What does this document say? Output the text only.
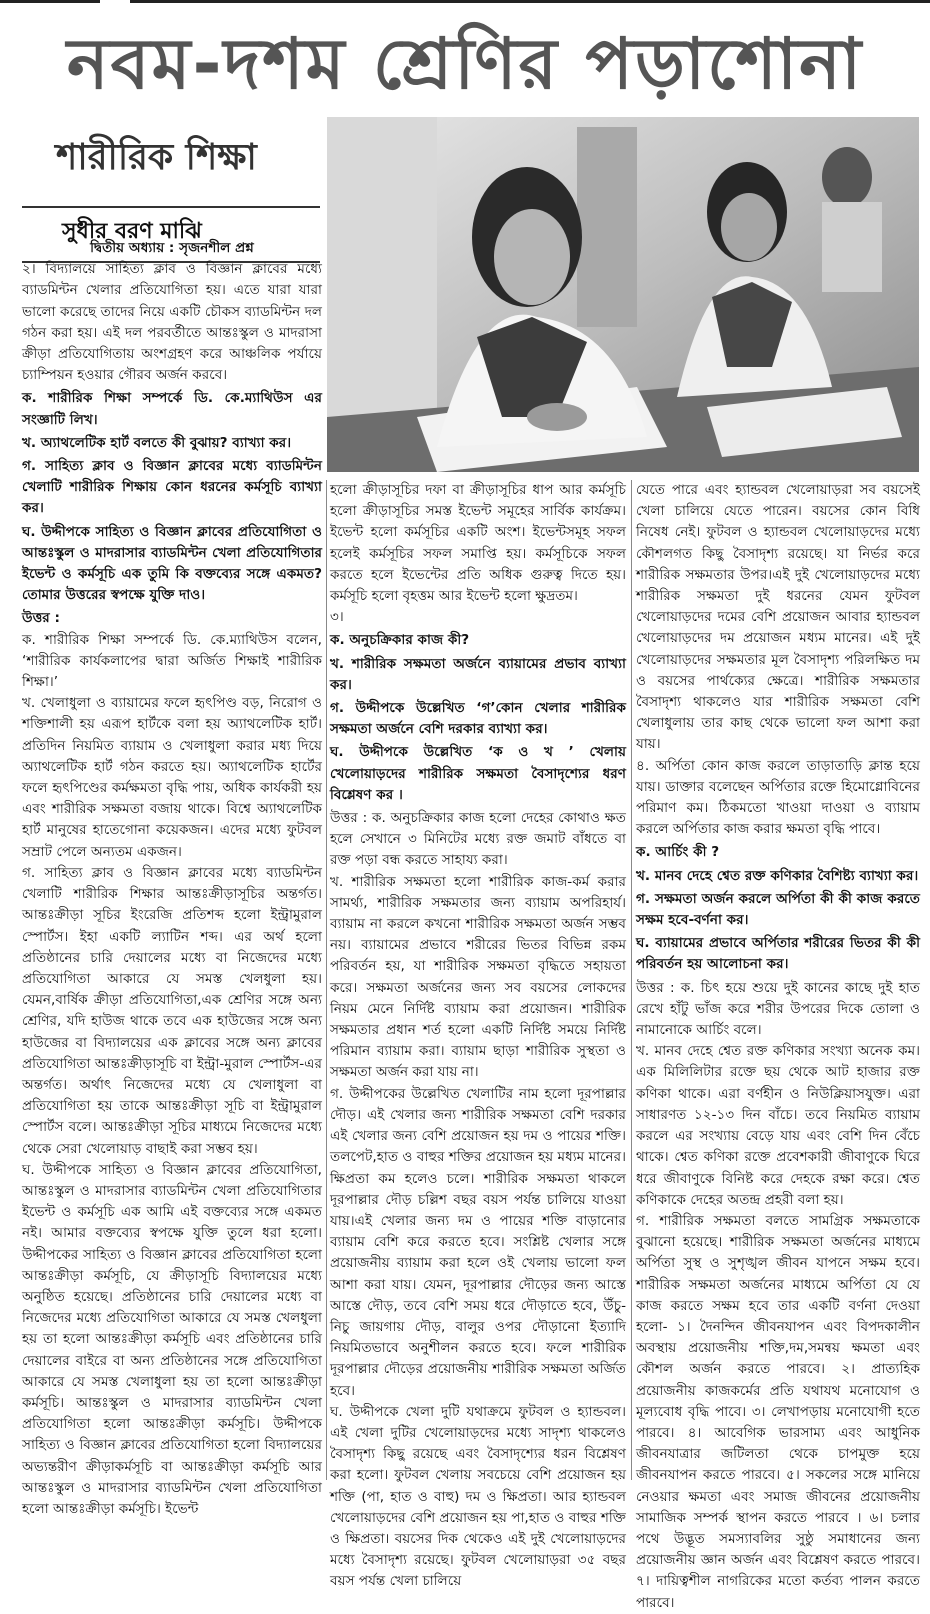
নবম-দশম শ্রেণির পড়াশোনা
শারীরিক শিক্ষা
সুধীর বরণ মাঝি

দ্বিতীয় অধ্যায় : সৃজনশীল প্রশ্ন

২। বিদ্যালয়ে সাহিত্য ক্লাব ও বিজ্ঞান ক্লাবের মধ্যে ব্যাডমিন্টন খেলার প্রতিযোগিতা হয়। এতে যারা যারা ভালো করেছে তাদের নিয়ে একটি চৌকস ব্যাডমিন্টন দল গঠন করা হয়। এই দল পরবর্তীতে আন্তঃস্কুল ও মাদরাসা ক্রীড়া প্রতিযোগিতায় অংশগ্রহণ করে আঞ্চলিক পর্যায়ে চ্যাম্পিয়ন হওয়ার গৌরব অর্জন করবে।

ক. শারীরিক শিক্ষা সম্পর্কে ডি. কে.ম্যাথিউস এর সংজ্ঞাটি লিখ।

খ. অ্যাথলেটিক হার্ট বলতে কী বুঝায়? ব্যাখ্যা কর।

গ. সাহিত্য ক্লাব ও বিজ্ঞান ক্লাবের মধ্যে ব্যাডমিন্টন খেলাটি শারীরিক শিক্ষায় কোন ধরনের কর্মসূচি ব্যাখ্যা কর।

ঘ. উদ্দীপকে সাহিত্য ও বিজ্ঞান ক্লাবের প্রতিযোগিতা ও আন্তঃস্কুল ও মাদরাসার ব্যাডমিন্টন খেলা প্রতিযোগিতার ইভেন্ট ও কর্মসূচি এক তুমি কি বক্তব্যের সঙ্গে একমত? তোমার উত্তরের স্বপক্ষে যুক্তি দাও।

উত্তর :

ক. শারীরিক শিক্ষা সম্পর্কে ডি. কে.ম্যাথিউস বলেন, ‘শারীরিক কার্যকলাপের দ্বারা অর্জিত শিক্ষাই শারীরিক শিক্ষা।’

খ. খেলাধুলা ও ব্যায়ামের ফলে হৃৎপিণ্ড বড়, নিরোগ ও শক্তিশালী হয় এরূপ হার্টকে বলা হয় অ্যাথলেটিক হার্ট। প্রতিদিন নিয়মিত ব্যায়াম ও খেলাধুলা করার মধ্য দিয়ে অ্যাথলেটিক হার্ট গঠন করতে হয়। অ্যাথলেটিক হার্টের ফলে হৃৎপিণ্ডের কর্মক্ষমতা বৃদ্ধি পায়, অধিক কার্যকরী হয় এবং শারীরিক সক্ষমতা বজায় থাকে। বিশ্বে অ্যাথলেটিক হার্ট মানুষের হাতেগোনা কয়েকজন। এদের মধ্যে ফুটবল সম্রাট পেলে অন্যতম একজন।

গ. সাহিত্য ক্লাব ও বিজ্ঞান ক্লাবের মধ্যে ব্যাডমিন্টন খেলাটি শারীরিক শিক্ষার আন্তঃক্রীড়াসূচির অন্তর্গত। আন্তঃক্রীড়া সূচির ইংরেজি প্রতিশব্দ হলো ইন্ট্রামুরাল স্পোর্টস। ইহা একটি ল্যাটিন শব্দ। এর অর্থ হলো প্রতিষ্ঠানের চারি দেয়ালের মধ্যে বা নিজেদের মধ্যে প্রতিযোগিতা আকারে যে সমস্ত খেলধুলা হয়। যেমন,বার্ষিক ক্রীড়া প্রতিযোগিতা,এক শ্রেণির সঙ্গে অন্য শ্রেণির, যদি হাউজ থাকে তবে এক হাউজের সঙ্গে অন্য হাউজের বা বিদ্যালয়ের এক ক্লাবের সঙ্গে অন্য ক্লাবের প্রতিযোগিতা আন্তঃক্রীড়াসূচি বা ইন্ট্রা-মুরাল স্পোর্টস-এর অন্তর্গত। অর্থাৎ নিজেদের মধ্যে যে খেলাধুলা বা প্রতিযোগিতা হয় তাকে আন্তঃক্রীড়া সূচি বা ইন্ট্রামুরাল স্পোর্টস বলে। আন্তঃক্রীড়া সূচির মাধ্যমে নিজেদের মধ্যে থেকে সেরা খেলোয়াড় বাছাই করা সম্ভব হয়।

ঘ. উদ্দীপকে সাহিত্য ও বিজ্ঞান ক্লাবের প্রতিযোগিতা, আন্তঃস্কুল ও মাদরাসার ব্যাডমিন্টন খেলা প্রতিযোগিতার ইভেন্ট ও কর্মসূচি এক আমি এই বক্তব্যের সঙ্গে একমত নই। আমার বক্তব্যের স্বপক্ষে যুক্তি তুলে ধরা হলো। উদ্দীপকের সাহিত্য ও বিজ্ঞান ক্লাবের প্রতিযোগিতা হলো আন্তঃক্রীড়া কর্মসূচি, যে ক্রীড়াসূচি বিদ্যালয়ের মধ্যে অনুষ্ঠিত হয়েছে। প্রতিষ্ঠানের চারি দেয়ালের মধ্যে বা নিজেদের মধ্যে প্রতিযোগিতা আকারে যে সমস্ত খেলধুলা হয় তা হলো আন্তঃক্রীড়া কর্মসূচি এবং প্রতিষ্ঠানের চারি দেয়ালের বাইরে বা অন্য প্রতিষ্ঠানের সঙ্গে প্রতিযোগিতা আকারে যে সমস্ত খেলাধুলা হয় তা হলো আন্তঃক্রীড়া কর্মসূচি। আন্তঃস্কুল ও মাদরাসার ব্যাডমিন্টন খেলা প্রতিযোগিতা হলো আন্তঃক্রীড়া কর্মসূচি। উদ্দীপকে সাহিত্য ও বিজ্ঞান ক্লাবের প্রতিযোগিতা হলো বিদ্যালয়ের অভ্যন্তরীণ ক্রীড়াকর্মসূচি বা আন্তঃক্রীড়া কর্মসূচি আর আন্তঃস্কুল ও মাদরাসার ব্যাডমিন্টন খেলা প্রতিযোগিতা হলো আন্তঃক্রীড়া কর্মসূচি। ইভেন্ট

হলো ক্রীড়াসূচির দফা বা ক্রীড়াসূচির ধাপ আর কর্মসূচি হলো ক্রীড়াসূচির সমস্ত ইভেন্ট সমূহের সার্বিক কার্যক্রম। ইভেন্ট হলো কর্মসূচির একটি অংশ। ইভেন্টসমূহ সফল হলেই কর্মসূচির সফল সমাপ্তি হয়। কর্মসূচিকে সফল করতে হলে ইভেন্টের প্রতি অধিক গুরুত্ব দিতে হয়। কর্মসূচি হলো বৃহত্তম আর ইভেন্ট হলো ক্ষুদ্রতম।

৩।

ক. অনুচক্রিকার কাজ কী?

খ. শারীরিক সক্ষমতা অর্জনে ব্যায়ামের প্রভাব ব্যাখ্যা কর।

গ. উদ্দীপকে উল্লেখিত ‘গ’কোন খেলার শারীরিক সক্ষমতা অর্জনে বেশি দরকার ব্যাখ্যা কর।

ঘ. উদ্দীপকে উল্লেখিত ‘ক ও খ ’ খেলায় খেলোয়াড়দের শারীরিক সক্ষমতা বৈসাদৃশ্যের ধরণ বিশ্লেষণ কর ।

উত্তর : ক. অনুচক্রিকার কাজ হলো দেহের কোথাও ক্ষত হলে সেখানে ৩ মিনিটের মধ্যে রক্ত জমাট বাঁধতে বা রক্ত পড়া বন্ধ করতে সাহায্য করা।

খ. শারীরিক সক্ষমতা হলো শারীরিক কাজ-কর্ম করার সামর্থ্য, শারীরিক সক্ষমতার জন্য ব্যায়াম অপরিহার্য। ব্যায়াম না করলে কখনো শারীরিক সক্ষমতা অর্জন সম্ভব নয়। ব্যায়ামের প্রভাবে শরীরের ভিতর বিভিন্ন রকম পরিবর্তন হয়, যা শারীরিক সক্ষমতা বৃদ্ধিতে সহায়তা করে। সক্ষমতা অর্জনের জন্য সব বয়সের লোকদের নিয়ম মেনে নির্দিষ্ট ব্যায়াম করা প্রয়োজন। শারীরিক সক্ষমতার প্রধান শর্ত হলো একটি নির্দিষ্ট সময়ে নির্দিষ্ট পরিমান ব্যায়াম করা। ব্যায়াম ছাড়া শারীরিক সুস্থতা ও সক্ষমতা অর্জন করা যায় না।

গ. উদ্দীপকের উল্লেখিত খেলাটির নাম হলো দূরপাল্লার দৌড়। এই খেলার জন্য শারীরিক সক্ষমতা বেশি দরকার এই খেলার জন্য বেশি প্রয়োজন হয় দম ও পায়ের শক্তি। তলপেট,হাত ও বাহুর শক্তির প্রয়োজন হয় মধ্যম মানের। ক্ষিপ্রতা কম হলেও চলে। শারীরিক সক্ষমতা থাকলে দূরপাল্লার দৌড় চল্লিশ বছর বয়স পর্যন্ত চালিয়ে যাওয়া যায়।এই খেলার জন্য দম ও পায়ের শক্তি বাড়ানোর ব্যায়াম বেশি করে করতে হবে। সংশ্লিষ্ট খেলার সঙ্গে প্রয়োজনীয় ব্যায়াম করা হলে ওই খেলায় ভালো ফল আশা করা যায়। যেমন, দূরপাল্লার দৌড়ের জন্য আস্তে আস্তে দৌড়, তবে বেশি সময় ধরে দৌড়াতে হবে, উঁচু-নিচু জায়গায় দৌড়, বালুর ওপর দৌড়ানো ইত্যাদি নিয়মিতভাবে অনুশীলন করতে হবে। ফলে শারীরিক দূরপাল্লার দৌড়ের প্রয়োজনীয় শারীরিক সক্ষমতা অর্জিত হবে।

ঘ. উদ্দীপকে খেলা দুটি যথাক্রমে ফুটবল ও হ্যান্ডবল। এই খেলা দুটির খেলোয়াড়দের মধ্যে সাদৃশ্য থাকলেও বৈসাদৃশ্য কিছু রয়েছে এবং বৈসাদৃশ্যের ধরন বিশ্লেষণ করা হলো। ফুটবল খেলায় সবচেয়ে বেশি প্রয়োজন হয় শক্তি (পা, হাত ও বাহু) দম ও ক্ষিপ্রতা। আর হ্যান্ডবল খেলোয়াড়দের বেশি প্রয়োজন হয় পা,হাত ও বাহুর শক্তি ও ক্ষিপ্রতা। বয়সের দিক থেকেও এই দুই খেলোয়াড়দের মধ্যে বৈসাদৃশ্য রয়েছে। ফুটবল খেলোয়াড়রা ৩৫ বছর বয়স পর্যন্ত খেলা চালিয়ে

যেতে পারে এবং হ্যান্ডবল খেলোয়াড়রা সব বয়সেই খেলা চালিয়ে যেতে পারেন। বয়সের কোন বিধি নিষেধ নেই। ফুটবল ও হ্যান্ডবল খেলোয়াড়দের মধ্যে কৌশলগত কিছু বৈসাদৃশ্য রয়েছে। যা নির্ভর করে শারীরিক সক্ষমতার উপর।এই দুই খেলোয়াড়দের মধ্যে শারীরিক সক্ষমতা দুই ধরনের যেমন ফুটবল খেলোয়াড়দের দমের বেশি প্রয়োজন আবার হ্যান্ডবল খেলোয়াড়দের দম প্রয়োজন মধ্যম মানের। এই দুই খেলোয়াড়দের সক্ষমতার মূল বৈসাদৃশ্য পরিলক্ষিত দম ও বয়সের পার্থক্যের ক্ষেত্রে। শারীরিক সক্ষমতার বৈসাদৃশ্য থাকলেও যার শারীরিক সক্ষমতা বেশি খেলাধুলায় তার কাছ থেকে ভালো ফল আশা করা যায়।

৪. অর্পিতা কোন কাজ করলে তাড়াতাড়ি ক্লান্ত হয়ে যায়। ডাক্তার বলেছেন অর্পিতার রক্তে হিমোগ্লোবিনের পরিমাণ কম। ঠিকমতো খাওয়া দাওয়া ও ব্যায়াম করলে অর্পিতার কাজ করার ক্ষমতা বৃদ্ধি পাবে।

ক. আর্চিং কী ?

খ. মানব দেহে শ্বেত রক্ত কণিকার বৈশিষ্ট্য ব্যাখ্যা কর।

গ. সক্ষমতা অর্জন করলে অর্পিতা কী কী কাজ করতে সক্ষম হবে-বর্ণনা কর।

ঘ. ব্যায়ামের প্রভাবে অর্পিতার শরীরের ভিতর কী কী পরিবর্তন হয় আলোচনা কর।

উত্তর : ক. চিৎ হয়ে শুয়ে দুই কানের কাছে দুই হাত রেখে হাঁটু ভাঁজ করে শরীর উপরের দিকে তোলা ও নামানোকে আর্চিং বলে।

খ. মানব দেহে শ্বেত রক্ত কণিকার সংখ্যা অনেক কম।এক মিলিলিটার রক্তে ছয় থেকে আট হাজার রক্ত কণিকা থাকে। এরা বর্ণহীন ও নিউক্লিয়াসযুক্ত। এরা সাধারণত ১২-১৩ দিন বাঁচে। তবে নিয়মিত ব্যায়াম করলে এর সংখ্যায় বেড়ে যায় এবং বেশি দিন বেঁচে থাকে। শ্বেত কণিকা রক্তে প্রবেশকারী জীবাণুকে ঘিরে ধরে জীবাণুকে বিনিষ্ট করে দেহকে রক্ষা করে। শ্বেত কণিকাকে দেহের অতন্দ্র প্রহরী বলা হয়।

গ. শারীরিক সক্ষমতা বলতে সামগ্রিক সক্ষমতাকে বুঝানো হয়েছে। শারীরিক সক্ষমতা অর্জনের মাধ্যমে অর্পিতা সুস্থ ও সুশৃঙ্খল জীবন যাপনে সক্ষম হবে। শারীরিক সক্ষমতা অর্জনের মাধ্যমে অর্পিতা যে যে কাজ করতে সক্ষম হবে তার একটি বর্ণনা দেওয়া হলো- ১। দৈনন্দিন জীবনযাপন এবং বিপদকালীন অবস্থায় প্রয়োজনীয় শক্তি,দম,সমন্বয় ক্ষমতা এবং কৌশল অর্জন করতে পারবে। ২। প্রাত্যহিক প্রয়োজনীয় কাজকর্মের প্রতি যথাযথ মনোযোগ ও মূল্যবোধ বৃদ্ধি পাবে। ৩। লেখাপড়ায় মনোযোগী হতে পারবে। ৪। আবেগিক ভারসাম্য এবং আধুনিক জীবনযাত্রার জটিলতা থেকে চাপমুক্ত হয়ে জীবনযাপন করতে পারবে। ৫। সকলের সঙ্গে মানিয়ে নেওয়ার ক্ষমতা এবং সমাজ জীবনের প্রয়োজনীয় সামাজিক সম্পর্ক স্থাপন করতে পারবে । ৬। চলার পথে উদ্ভূত সমস্যাবলির সুষ্ঠু সমাধানের জন্য প্রয়োজনীয় জ্ঞান অর্জন এবং বিশ্লেষণ করতে পারবে। ৭। দায়িত্বশীল নাগরিকের মতো কর্তব্য পালন করতে পারবে।
